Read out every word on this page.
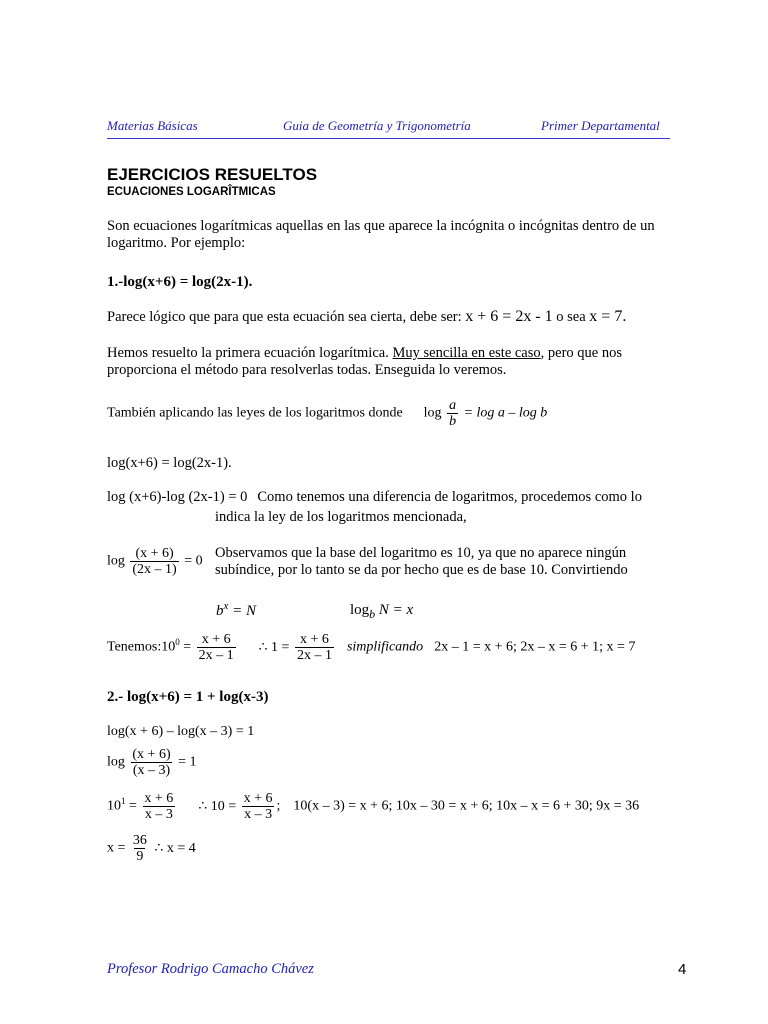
Materias Básicas	Guia de Geometría y Trigonometría	Primer Departamental
EJERCICIOS RESUELTOS
ECUACIONES LOGARÎTMICAS
Son ecuaciones logarítmicas aquellas en las que aparece la incógnita o incógnitas dentro de un logaritmo. Por ejemplo:
1.-log(x+6) = log(2x-1).
Parece lógico que para que esta ecuación sea cierta, debe ser: x + 6 = 2x - 1 o sea x = 7.
Hemos resuelto la primera ecuación logarítmica. Muy sencilla en este caso, pero que nos proporciona el método para resolverlas todas. Enseguida lo veremos.
También aplicando las leyes de los logaritmos donde $\log \frac{a}{b} = \log a - \log b$
log(x+6) = log(2x-1).
log (x+6)-log (2x-1) = 0 Como tenemos una diferencia de logaritmos, procedemos como lo
indica la ley de los logaritmos mencionada,
$\log \frac{(x + 6)}{(2x - 1)} = 0$ Observamos que la base del logaritmo es 10, ya que no aparece ningún subíndice, por lo tanto se da por hecho que es de base 10. Convirtiendo
$b^x = N$	$\log_b N = x$
$Tenemos:10^0 = \frac{x + 6}{2x - 1}$ ∴ $1 = \frac{x + 6}{2x - 1}$ simplificando 2x – 1 = x + 6; 2x – x = 6 + 1; x = 7
2.- log(x+6) = 1 + log(x-3)
log(x + 6) – log(x – 3) = 1
$\log \frac{(x + 6)}{(x - 3)} = 1$
$10^1 = \frac{x + 6}{x - 3}$ ∴ $10 = \frac{x + 6}{x - 3}$ ; 10(x – 3) = x + 6; 10x – 30 = x + 6; 10x – x = 6 + 30; 9x = 36
$x = \frac{36}{9}$ ∴ x = 4
Profesor Rodrigo Camacho Chávez	4
